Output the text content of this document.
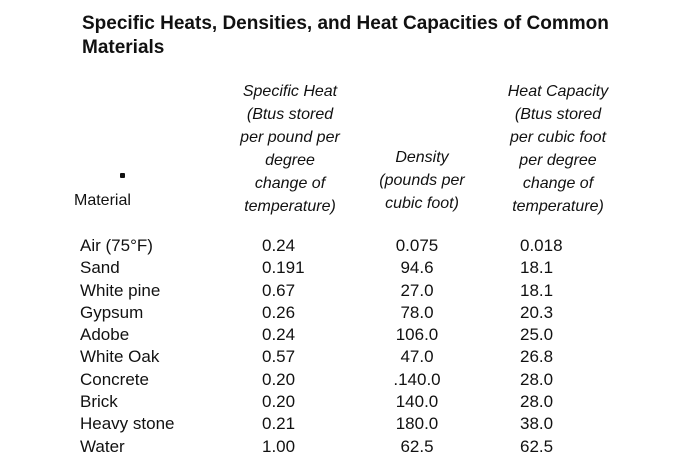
Specific Heats, Densities, and Heat Capacities of Common Materials
Specific Heat
(Btus stored
per pound per
degree
change of
temperature)
Density
(pounds per
cubic foot)
Heat Capacity
(Btus stored
per cubic foot
per degree
change of
temperature)
Material
Air (75°F)	0.24	0.075	0.018
Sand	0.191	94.6	18.1
White pine	0.67	27.0	18.1
Gypsum	0.26	78.0	20.3
Adobe	0.24	106.0	25.0
White Oak	0.57	47.0	26.8
Concrete	0.20	.140.0	28.0
Brick	0.20	140.0	28.0
Heavy stone	0.21	180.0	38.0
Water	1.00	62.5	62.5
